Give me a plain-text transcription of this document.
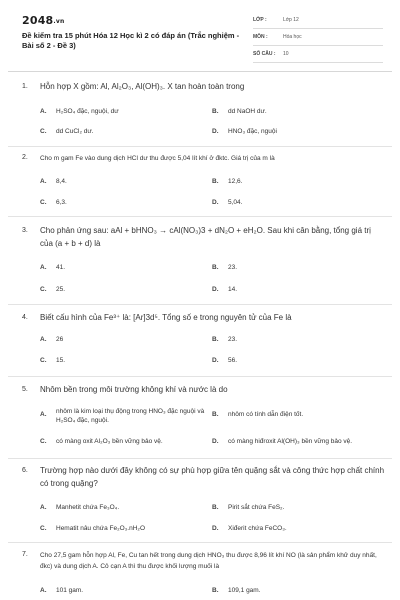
2048.vn
Đề kiểm tra 15 phút Hóa 12 Học kì 2 có đáp án (Trắc nghiệm - Bài số 2 - Đề 3)
LỚP :	Lớp 12
MÔN :	Hóa học
SỐ CÂU : 10
1. Hỗn hợp X gồm: Al, Al₂O₃, Al(OH)₃. X tan hoàn toàn trong
A. H₂SO₄ đặc, nguội, dư	B. dd NaOH dư.
C. dd CuCl₂ dư.	D. HNO₃ đặc, nguội
2. Cho m gam Fe vào dung dịch HCl dư thu được 5,04 lít khí ở đktc. Giá trị của m là
A. 8,4.	B. 12,6.
C. 6,3.	D. 5,04.
3. Cho phản ứng sau: aAl + bHNO₃ → cAl(NO₃)3 + dN₂O + eH₂O. Sau khi cân bằng, tổng giá trị của (a + b + d) là
A. 41.	B. 23.
C. 25.	D. 14.
4. Biết cấu hình của Fe³⁺ là: [Ar]3d⁵. Tổng số e trong nguyên tử của Fe là
A. 26	B. 23.
C. 15.	D. 56.
5. Nhôm bền trong môi trường không khí và nước là do
A. nhôm là kim loại thụ động trong HNO₃ đặc nguội và H₂SO₄ đặc, nguội.
B. nhôm có tính dẫn điện tốt.
C. có màng oxit Al₂O₃ bền vững bảo vệ.	D. có màng hiđroxit Al(OH)₃ bền vững bảo vệ.
6. Trường hợp nào dưới đây không có sự phù hợp giữa tên quặng sắt và công thức hợp chất chính có trong quặng?
A. Manhetit chứa Fe₃O₄.	B. Pirit sắt chứa FeS₂.
C. Hematit nâu chứa Fe₂O₃.nH₂O	D. Xiđerit chứa FeCO₃.
7. Cho 27,5 gam hỗn hợp Al, Fe, Cu tan hết trong dung dịch HNO₃ thu được 8,96 lít khí NO (là sản phẩm khử duy nhất, đkc) và dung dịch A. Cô cạn A thì thu được khối lượng muối là
A. 101 gam.	B. 109,1 gam.
